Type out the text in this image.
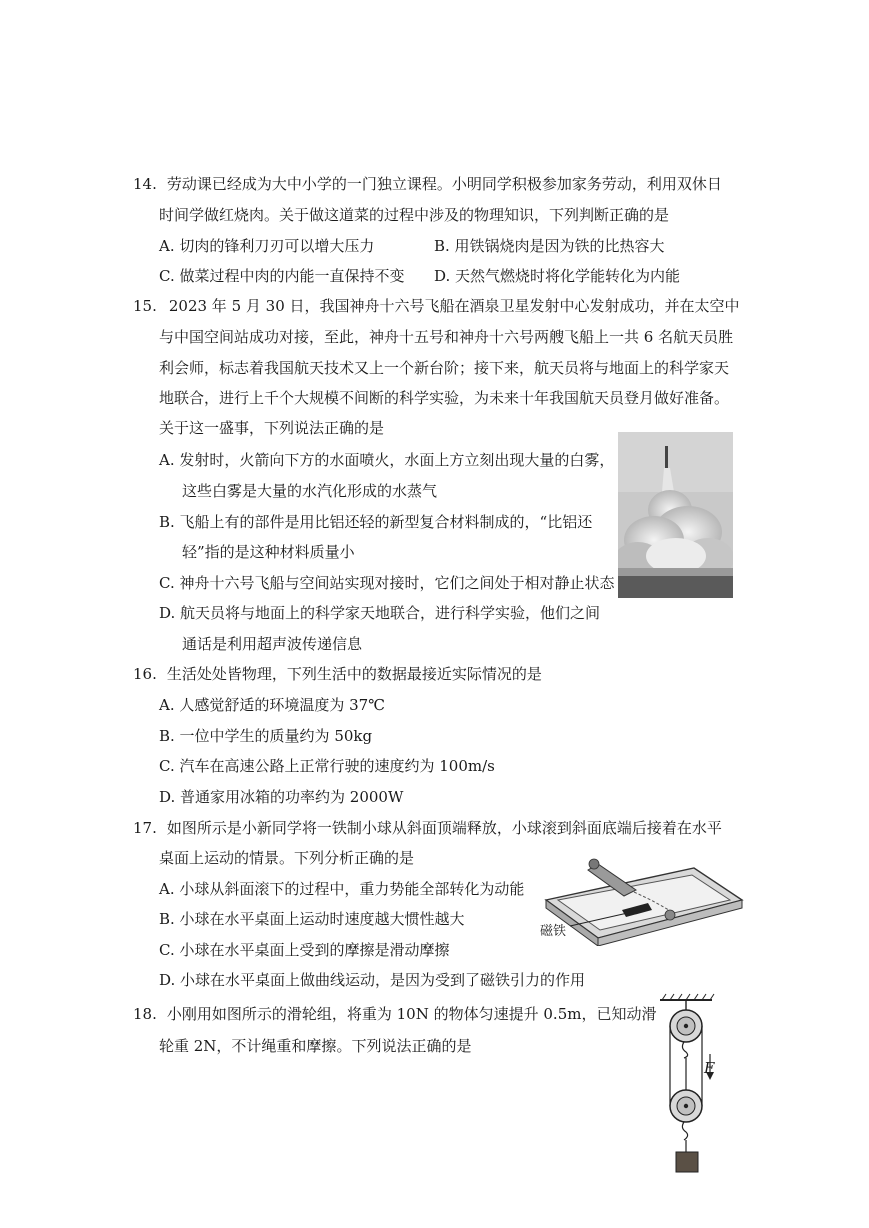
14. 劳动课已经成为大中小学的一门独立课程。小明同学积极参加家务劳动，利用双休日
时间学做红烧肉。关于做这道菜的过程中涉及的物理知识，下列判断正确的是
A. 切肉的锋利刀刃可以增大压力	B. 用铁锅烧肉是因为铁的比热容大
C. 做菜过程中肉的内能一直保持不变 D. 天然气燃烧时将化学能转化为内能
15. 2023 年 5 月 30 日，我国神舟十六号飞船在酒泉卫星发射中心发射成功，并在太空中
与中国空间站成功对接，至此，神舟十五号和神舟十六号两艘飞船上一共 6 名航天员胜
利会师，标志着我国航天技术又上一个新台阶；接下来，航天员将与地面上的科学家天
地联合，进行上千个大规模不间断的科学实验，为未来十年我国航天员登月做好准备。
关于这一盛事，下列说法正确的是
A. 发射时，火箭向下方的水面喷火，水面上方立刻出现大量的白雾，
这些白雾是大量的水汽化形成的水蒸气
B. 飞船上有的部件是用比铝还轻的新型复合材料制成的，“比铝还
轻”指的是这种材料质量小
C. 神舟十六号飞船与空间站实现对接时，它们之间处于相对静止状态
D. 航天员将与地面上的科学家天地联合，进行科学实验，他们之间
通话是利用超声波传递信息
16. 生活处处皆物理，下列生活中的数据最接近实际情况的是
A. 人感觉舒适的环境温度为 37℃
B. 一位中学生的质量约为 50kg
C. 汽车在高速公路上正常行驶的速度约为 100m/s
D. 普通家用冰箱的功率约为 2000W
17. 如图所示是小新同学将一铁制小球从斜面顶端释放，小球滚到斜面底端后接着在水平
桌面上运动的情景。下列分析正确的是
A. 小球从斜面滚下的过程中，重力势能全部转化为动能
B. 小球在水平桌面上运动时速度越大惯性越大
C. 小球在水平桌面上受到的摩擦是滑动摩擦
D. 小球在水平桌面上做曲线运动，是因为受到了磁铁引力的作用
磁铁
18. 小刚用如图所示的滑轮组，将重为 10N 的物体匀速提升 0.5m，已知动滑
轮重 2N，不计绳重和摩擦。下列说法正确的是
F
